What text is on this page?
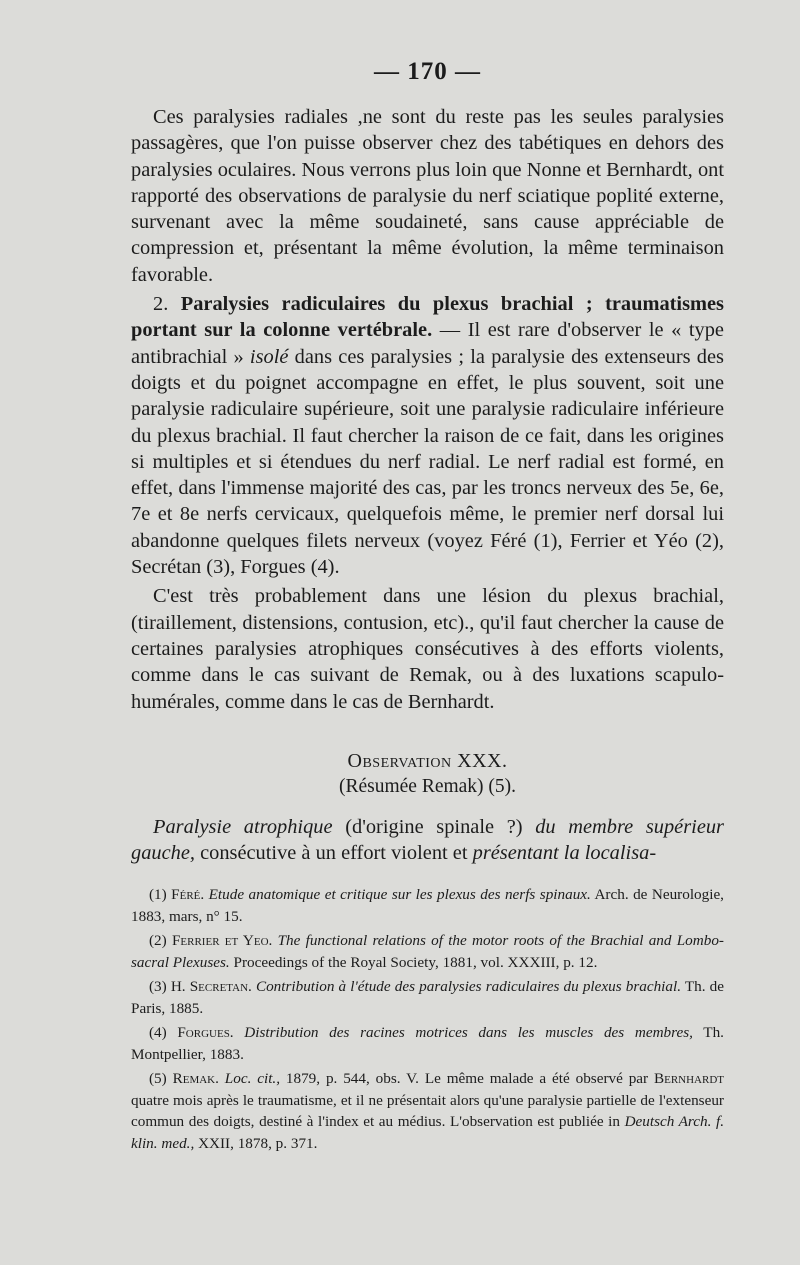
— 170 —

Ces paralysies radiales ,ne sont du reste pas les seules paralysies passagères, que l'on puisse observer chez des tabétiques en dehors des paralysies oculaires. Nous verrons plus loin que Nonne et Bernhardt, ont rapporté des observations de paralysie du nerf sciatique poplité externe, survenant avec la même soudaineté, sans cause appréciable de compression et, présentant la même évolution, la même terminaison favorable.

2. Paralysies radiculaires du plexus brachial ; traumatismes portant sur la colonne vertébrale. — Il est rare d'observer le « type antibrachial » isolé dans ces paralysies ; la paralysie des extenseurs des doigts et du poignet accompagne en effet, le plus souvent, soit une paralysie radiculaire supérieure, soit une paralysie radiculaire inférieure du plexus brachial. Il faut chercher la raison de ce fait, dans les origines si multiples et si étendues du nerf radial. Le nerf radial est formé, en effet, dans l'immense majorité des cas, par les troncs nerveux des 5e, 6e, 7e et 8e nerfs cervicaux, quelquefois même, le premier nerf dorsal lui abandonne quelques filets nerveux (voyez Féré (1), Ferrier et Yéo (2), Secrétan (3), Forgues (4).

C'est très probablement dans une lésion du plexus brachial, (tiraillement, distensions, contusion, etc)., qu'il faut chercher la cause de certaines paralysies atrophiques consécutives à des efforts violents, comme dans le cas suivant de Remak, ou à des luxations scapulo-humérales, comme dans le cas de Bernhardt.

Observation XXX.
(Résumée Remak) (5).

Paralysie atrophique (d'origine spinale ?) du membre supérieur gauche, consécutive à un effort violent et présentant la localisa-

(1) Féré. Etude anatomique et critique sur les plexus des nerfs spinaux. Arch. de Neurologie, 1883, mars, n° 15.

(2) Ferrier et Yeo. The functional relations of the motor roots of the Brachial and Lombo-sacral Plexuses. Proceedings of the Royal Society, 1881, vol. XXXIII, p. 12.

(3) H. Secretan. Contribution à l'étude des paralysies radiculaires du plexus brachial. Th. de Paris, 1885.

(4) Forgues. Distribution des racines motrices dans les muscles des membres, Th. Montpellier, 1883.

(5) Remak. Loc. cit., 1879, p. 544, obs. V. Le même malade a été observé par Bernhardt quatre mois après le traumatisme, et il ne présentait alors qu'une paralysie partielle de l'extenseur commun des doigts, destiné à l'index et au médius. L'observation est publiée in Deutsch Arch. f. klin. med., XXII, 1878, p. 371.
